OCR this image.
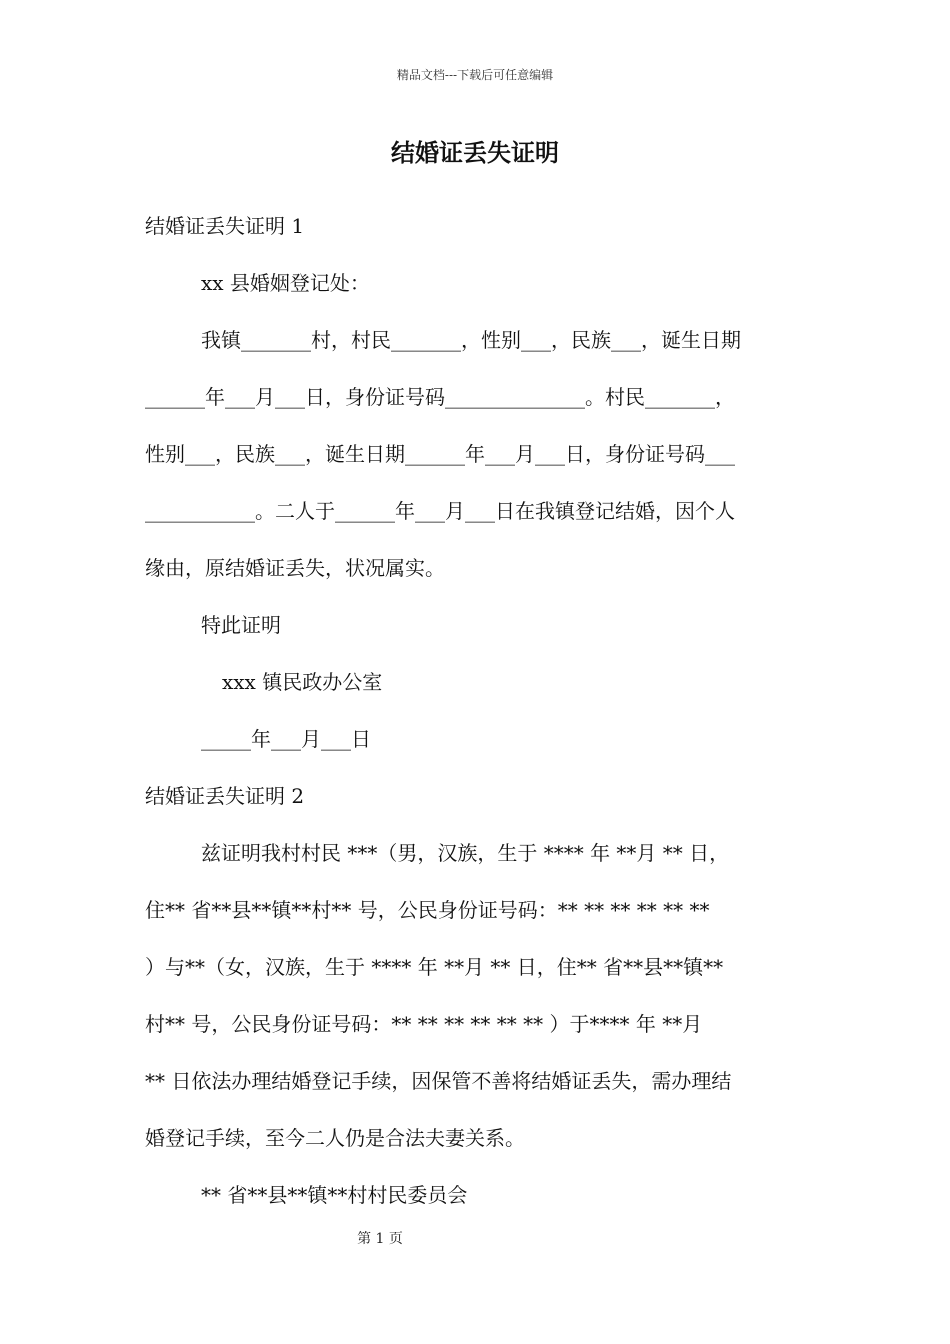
精品文档---下载后可任意编辑
结婚证丢失证明
结婚证丢失证明 1
xx 县婚姻登记处：
我镇_______村，村民_______，性别___，民族___，诞生日期
______年___月___日，身份证号码______________。村民_______，
性别___，民族___，诞生日期______年___月___日，身份证号码___
___________。二人于______年___月___日在我镇登记结婚，因个人
缘由，原结婚证丢失，状况属实。
特此证明
xxx 镇民政办公室
_____年___月___日
结婚证丢失证明 2
兹证明我村村民 ***（男，汉族，生于 **** 年 **月 ** 日，
住** 省**县**镇**村** 号，公民身份证号码：** ** ** ** ** **
）与**（女，汉族，生于 **** 年 **月 ** 日，住** 省**县**镇**
村** 号，公民身份证号码：** ** ** ** ** ** ）于**** 年 **月
** 日依法办理结婚登记手续，因保管不善将结婚证丢失，需办理结
婚登记手续，至今二人仍是合法夫妻关系。
** 省**县**镇**村村民委员会
第 1 页
